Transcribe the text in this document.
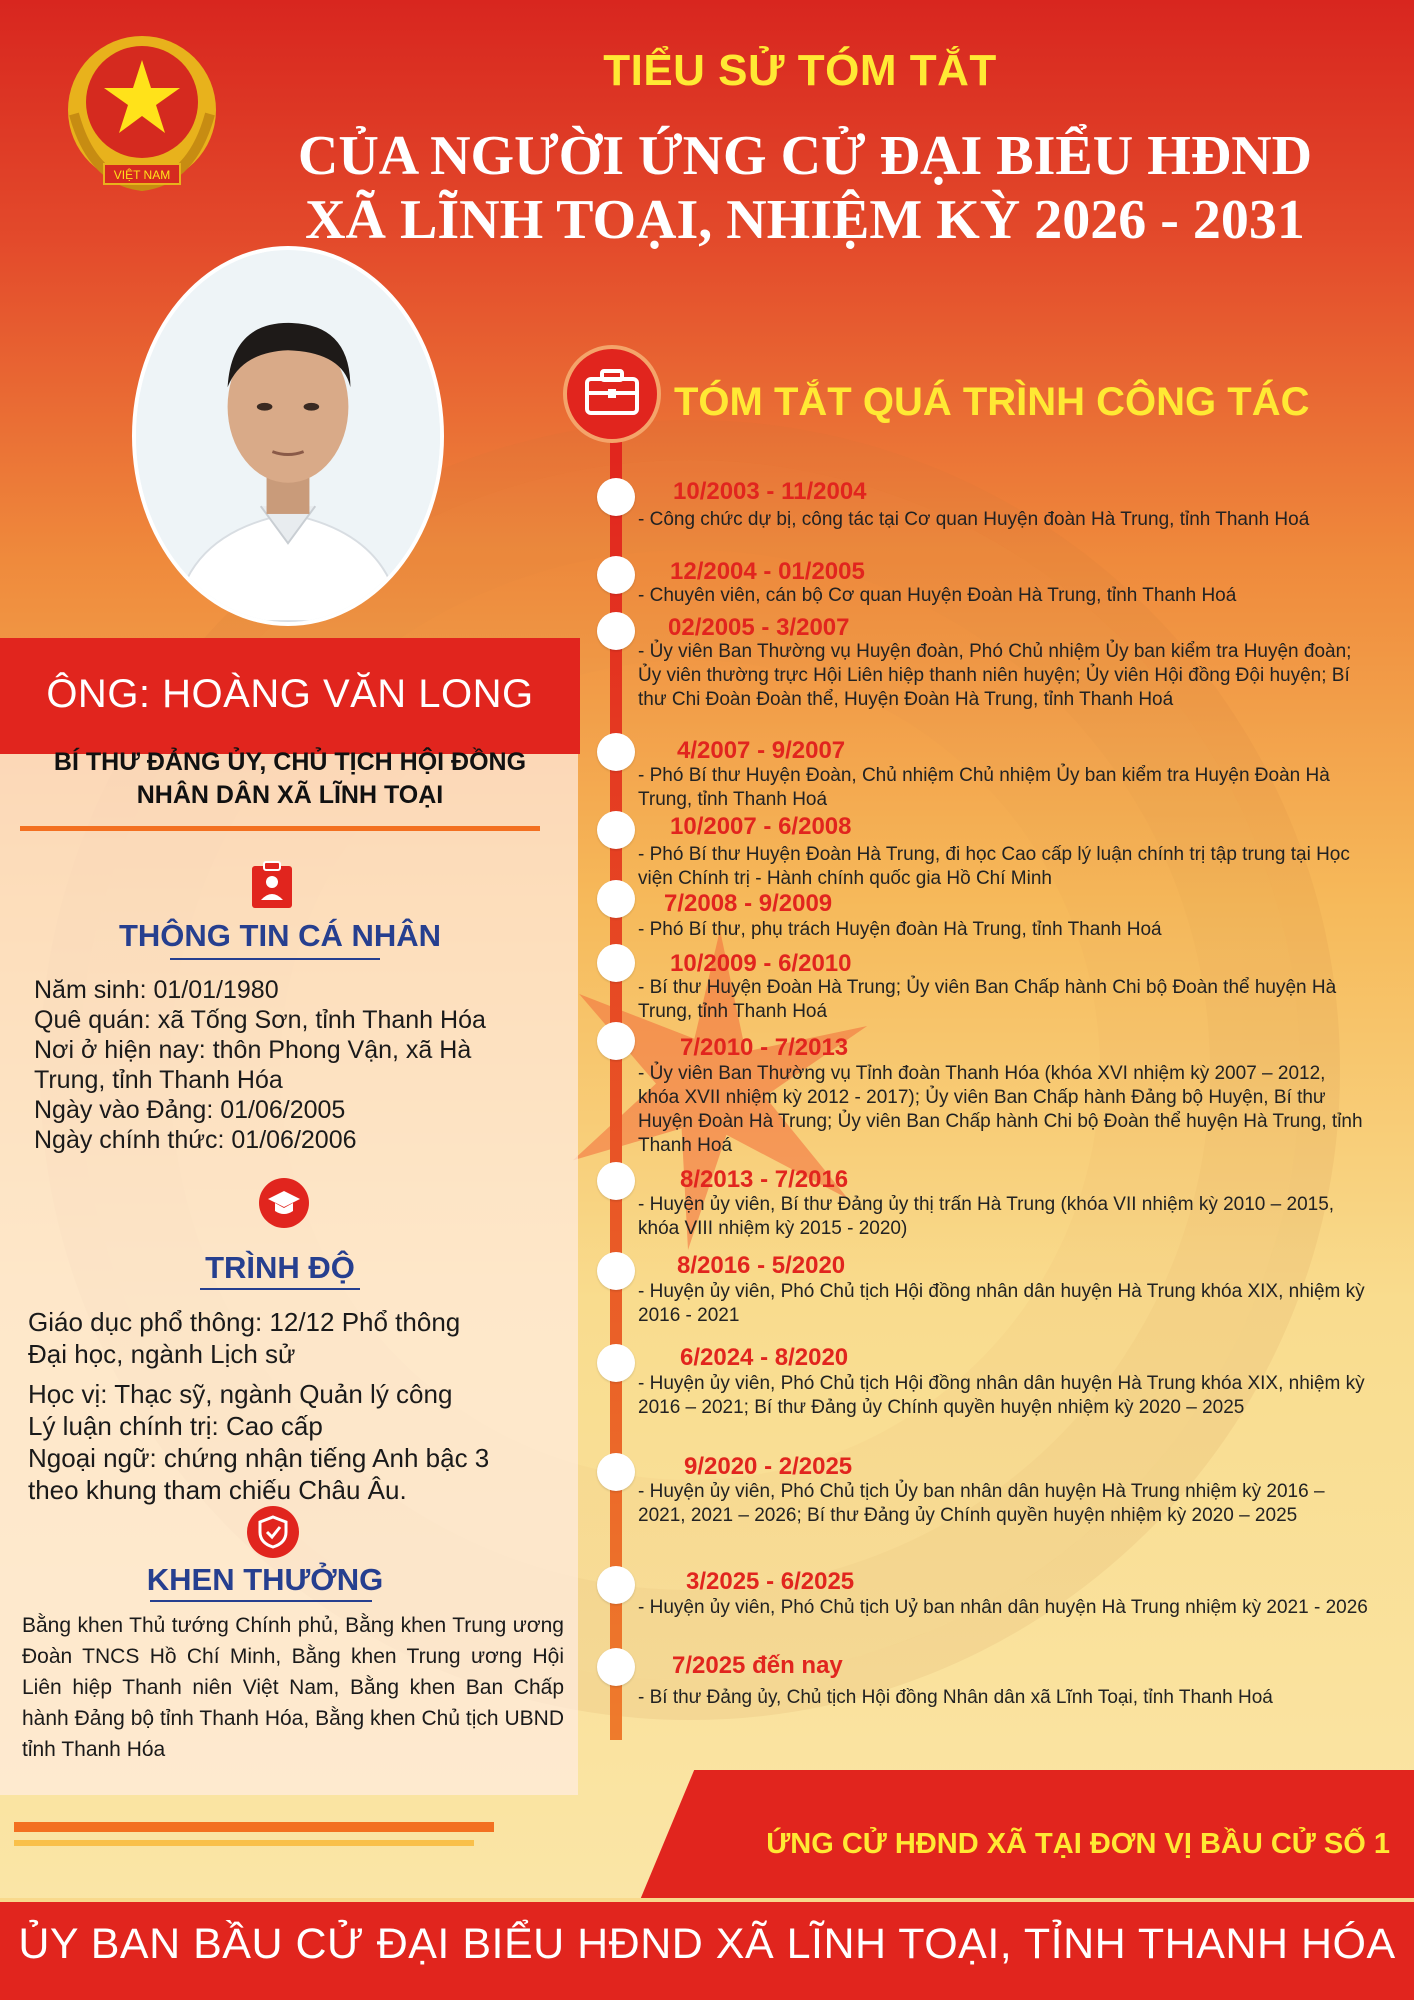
VIỆT NAM
TIỂU SỬ TÓM TẮT
CỦA NGƯỜI ỨNG CỬ ĐẠI BIỂU HĐND
XÃ LĨNH TOẠI, NHIỆM KỲ 2026 - 2031
ÔNG: HOÀNG VĂN LONG
BÍ THƯ ĐẢNG ỦY, CHỦ TỊCH HỘI ĐỒNG
NHÂN DÂN XÃ LĨNH TOẠI
THÔNG TIN CÁ NHÂN
Năm sinh: 01/01/1980
Quê quán: xã Tống Sơn, tỉnh Thanh Hóa
Nơi ở hiện nay: thôn Phong Vận, xã Hà
Trung, tỉnh Thanh Hóa
Ngày vào Đảng: 01/06/2005
Ngày chính thức: 01/06/2006
TRÌNH ĐỘ
Giáo dục phổ thông: 12/12 Phổ thông
Đại học, ngành Lịch sử
Học vị: Thạc sỹ, ngành Quản lý công
Lý luận chính trị: Cao cấp
Ngoại ngữ: chứng nhận tiếng Anh bậc 3
theo khung tham chiếu Châu Âu.
KHEN THƯỞNG
Bằng khen Thủ tướng Chính phủ, Bằng khen Trung ương Đoàn TNCS Hồ Chí Minh, Bằng khen Trung ương Hội Liên hiệp Thanh niên Việt Nam, Bằng khen Ban Chấp hành Đảng bộ tỉnh Thanh Hóa, Bằng khen Chủ tịch UBND tỉnh Thanh Hóa
TÓM TẮT QUÁ TRÌNH CÔNG TÁC
10/2003 - 11/2004
- Công chức dự bị, công tác tại Cơ quan Huyện đoàn Hà Trung, tỉnh Thanh Hoá
12/2004 - 01/2005
- Chuyên viên, cán bộ Cơ quan Huyện Đoàn Hà Trung, tỉnh Thanh Hoá
02/2005 - 3/2007
- Ủy viên Ban Thường vụ Huyện đoàn, Phó Chủ nhiệm Ủy ban kiểm tra Huyện đoàn; Ủy viên thường trực Hội Liên hiệp thanh niên huyện; Ủy viên Hội đồng Đội huyện; Bí thư Chi Đoàn Đoàn thể, Huyện Đoàn Hà Trung, tỉnh Thanh Hoá
4/2007 - 9/2007
- Phó Bí thư Huyện Đoàn, Chủ nhiệm Chủ nhiệm Ủy ban kiểm tra Huyện Đoàn Hà Trung, tỉnh Thanh Hoá
10/2007 - 6/2008
- Phó Bí thư Huyện Đoàn Hà Trung, đi học Cao cấp lý luận chính trị tập trung tại Học viện Chính trị - Hành chính quốc gia Hồ Chí Minh
7/2008 - 9/2009
- Phó Bí thư, phụ trách Huyện đoàn Hà Trung, tỉnh Thanh Hoá
10/2009 - 6/2010
- Bí thư Huyện Đoàn Hà Trung; Ủy viên Ban Chấp hành Chi bộ Đoàn thể huyện Hà Trung, tỉnh Thanh Hoá
7/2010 - 7/2013
- Ủy viên Ban Thường vụ Tỉnh đoàn Thanh Hóa (khóa XVI nhiệm kỳ 2007 – 2012, khóa XVII nhiệm kỳ 2012 - 2017); Ủy viên Ban Chấp hành Đảng bộ Huyện, Bí thư Huyện Đoàn Hà Trung; Ủy viên Ban Chấp hành Chi bộ Đoàn thể huyện Hà Trung, tỉnh Thanh Hoá
8/2013 - 7/2016
- Huyện ủy viên, Bí thư Đảng ủy thị trấn Hà Trung (khóa VII nhiệm kỳ 2010 – 2015, khóa VIII nhiệm kỳ 2015 - 2020)
8/2016 - 5/2020
- Huyện ủy viên, Phó Chủ tịch Hội đồng nhân dân huyện Hà Trung khóa XIX, nhiệm kỳ 2016 - 2021
6/2024 - 8/2020
- Huyện ủy viên, Phó Chủ tịch Hội đồng nhân dân huyện Hà Trung khóa XIX, nhiệm kỳ 2016 – 2021; Bí thư Đảng ủy Chính quyền huyện nhiệm kỳ 2020 – 2025
9/2020 - 2/2025
- Huyện ủy viên, Phó Chủ tịch Ủy ban nhân dân huyện Hà Trung nhiệm kỳ 2016 – 2021, 2021 – 2026; Bí thư Đảng ủy Chính quyền huyện nhiệm kỳ 2020 – 2025
3/2025 - 6/2025
- Huyện ủy viên, Phó Chủ tịch Uỷ ban nhân dân huyện Hà Trung nhiệm kỳ 2021 - 2026
7/2025 đến nay
- Bí thư Đảng ủy, Chủ tịch Hội đồng Nhân dân xã Lĩnh Toại, tỉnh Thanh Hoá
ỨNG CỬ HĐND XÃ TẠI ĐƠN VỊ BẦU CỬ SỐ 1
ỦY BAN BẦU CỬ ĐẠI BIỂU HĐND XÃ LĨNH TOẠI, TỈNH THANH HÓA
